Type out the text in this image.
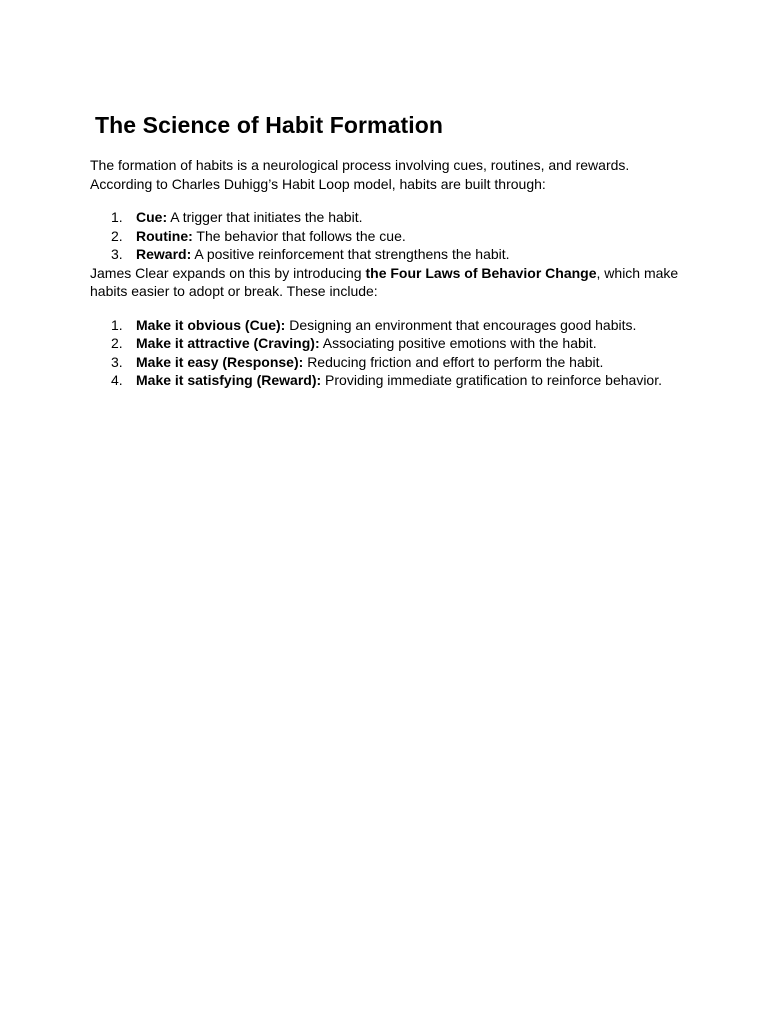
The Science of Habit Formation

The formation of habits is a neurological process involving cues, routines, and rewards.
According to Charles Duhigg’s Habit Loop model, habits are built through:

1. Cue: A trigger that initiates the habit.
2. Routine: The behavior that follows the cue.
3. Reward: A positive reinforcement that strengthens the habit.

James Clear expands on this by introducing the Four Laws of Behavior Change, which make
habits easier to adopt or break. These include:

1. Make it obvious (Cue): Designing an environment that encourages good habits.
2. Make it attractive (Craving): Associating positive emotions with the habit.
3. Make it easy (Response): Reducing friction and effort to perform the habit.
4. Make it satisfying (Reward): Providing immediate gratification to reinforce behavior.
